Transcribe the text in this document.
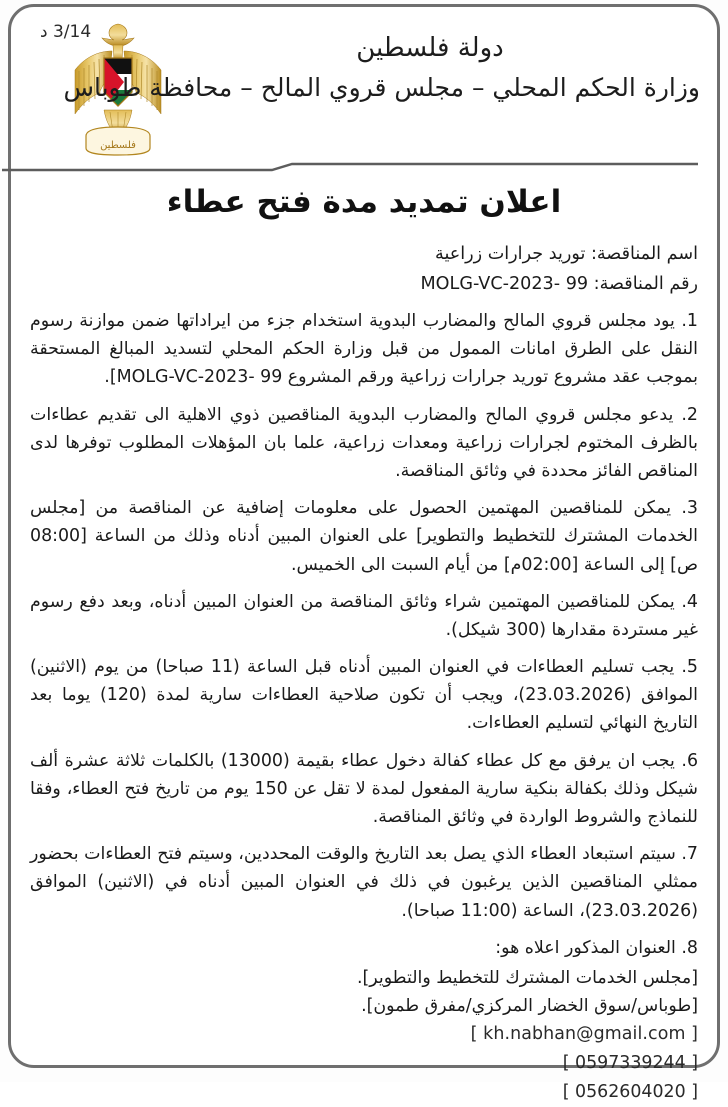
3/14 د
فلسطين
دولة فلسطين
وزارة الحكم المحلي – مجلس قروي المالح – محافظة طوباس
اعلان تمديد مدة فتح عطاء
اسم المناقصة: توريد جرارات زراعية
رقم المناقصة: 99 -MOLG-VC-2023
1. يود مجلس قروي المالح والمضارب البدوية استخدام جزء من ايراداتها ضمن موازنة رسوم النقل على الطرق امانات الممول من قبل وزارة الحكم المحلي لتسديد المبالغ المستحقة بموجب عقد مشروع توريد جرارات زراعية ورقم المشروع 99 -MOLG-VC-2023].
2. يدعو مجلس قروي المالح والمضارب البدوية المناقصين ذوي الاهلية الى تقديم عطاءات بالظرف المختوم لجرارات زراعية ومعدات زراعية، علما بان المؤهلات المطلوب توفرها لدى المناقص الفائز محددة في وثائق المناقصة.
3. يمكن للمناقصين المهتمين الحصول على معلومات إضافية عن المناقصة من [مجلس الخدمات المشترك للتخطيط والتطوير] على العنوان المبين أدناه وذلك من الساعة [08:00 ص] إلى الساعة [02:00م] من أيام السبت الى الخميس.
4. يمكن للمناقصين المهتمين شراء وثائق المناقصة من العنوان المبين أدناه، وبعد دفع رسوم غير مستردة مقدارها (300 شيكل).
5. يجب تسليم العطاءات في العنوان المبين أدناه قبل الساعة (11 صباحا) من يوم (الاثنين) الموافق (23.03.2026)، ويجب أن تكون صلاحية العطاءات سارية لمدة (120) يوما بعد التاريخ النهائي لتسليم العطاءات.
6. يجب ان يرفق مع كل عطاء كفالة دخول عطاء بقيمة (13000) بالكلمات ثلاثة عشرة ألف شيكل وذلك بكفالة بنكية سارية المفعول لمدة لا تقل عن 150 يوم من تاريخ فتح العطاء، وفقا للنماذج والشروط الواردة في وثائق المناقصة.
7. سيتم استبعاد العطاء الذي يصل بعد التاريخ والوقت المحددين، وسيتم فتح العطاءات بحضور ممثلي المناقصين الذين يرغبون في ذلك في العنوان المبين أدناه في (الاثنين) الموافق (23.03.2026)، الساعة (11:00 صباحا).
8. العنوان المذكور اعلاه هو:
[مجلس الخدمات المشترك للتخطيط والتطوير].
[طوباس/سوق الخضار المركزي/مفرق طمون].
[ kh.nabhan@gmail.com ]
[ 0597339244 ]
[ 0562604020 ]
